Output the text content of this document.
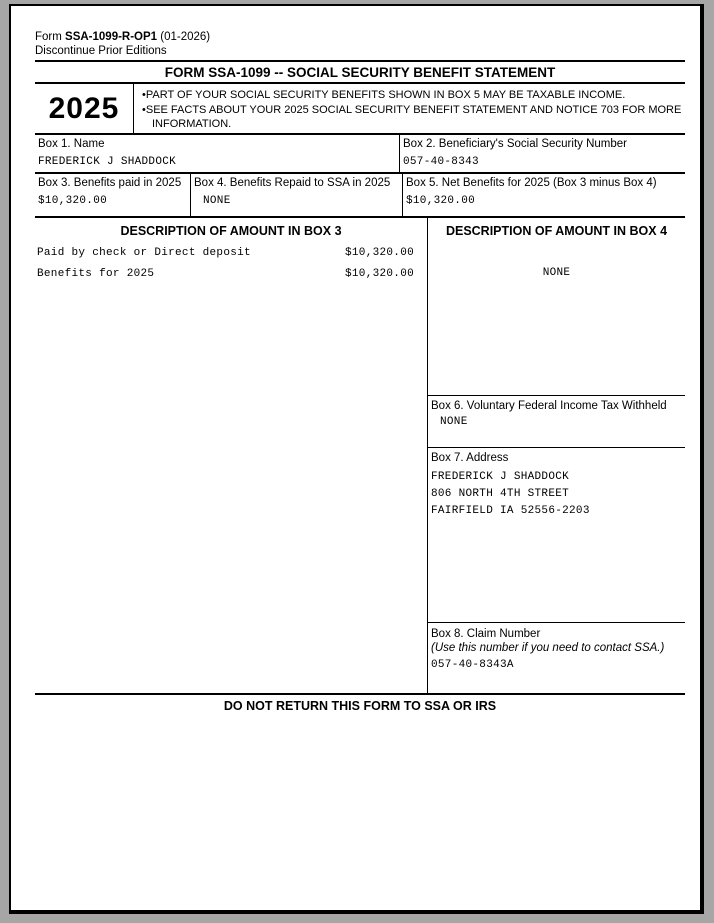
Form SSA-1099-R-OP1 (01-2026)
Discontinue Prior Editions
FORM SSA-1099 -- SOCIAL SECURITY BENEFIT STATEMENT
2025	• PART OF YOUR SOCIAL SECURITY BENEFITS SHOWN IN BOX 5 MAY BE TAXABLE INCOME.
• SEE FACTS ABOUT YOUR 2025 SOCIAL SECURITY BENEFIT STATEMENT AND NOTICE 703 FOR MORE INFORMATION.
Box 1. Name
FREDERICK J SHADDOCK
Box 2. Beneficiary's Social Security Number
057-40-8343
Box 3. Benefits paid in 2025
$10,320.00
Box 4. Benefits Repaid to SSA in 2025
NONE
Box 5. Net Benefits for 2025 (Box 3 minus Box 4)
$10,320.00
DESCRIPTION OF AMOUNT IN BOX 3
Paid by check or Direct deposit	$10,320.00
Benefits for 2025	$10,320.00
DESCRIPTION OF AMOUNT IN BOX 4
NONE
Box 6. Voluntary Federal Income Tax Withheld
NONE
Box 7. Address
FREDERICK J SHADDOCK
806 NORTH 4TH STREET
FAIRFIELD IA 52556-2203
Box 8. Claim Number
(Use this number if you need to contact SSA.)
057-40-8343A
DO NOT RETURN THIS FORM TO SSA OR IRS
